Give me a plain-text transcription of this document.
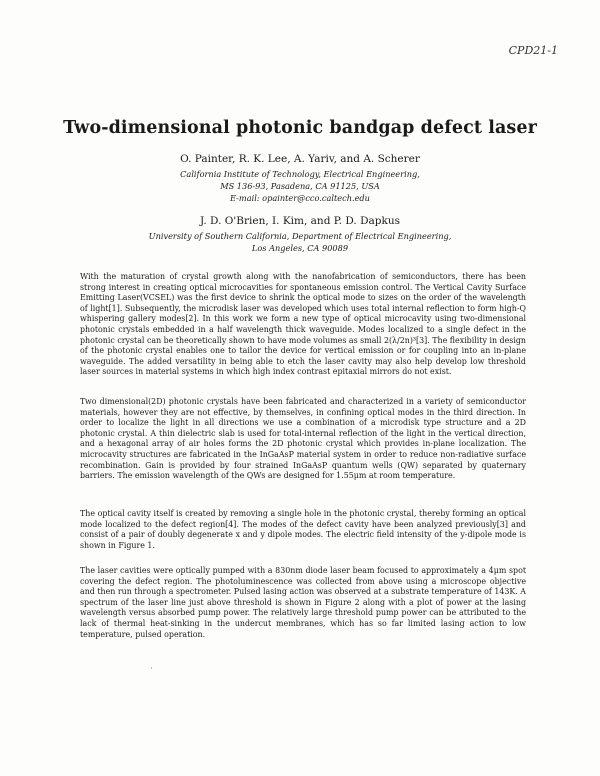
CPD21-1
Two-dimensional photonic bandgap defect laser
O. Painter, R. K. Lee, A. Yariv, and A. Scherer
California Institute of Technology, Electrical Engineering,
MS 136-93, Pasadena, CA 91125, USA
E-mail: opainter@cco.caltech.edu
J. D. O'Brien, I. Kim, and P. D. Dapkus
University of Southern California, Department of Electrical Engineering,
Los Angeles, CA 90089
With the maturation of crystal growth along with the nanofabrication of semiconductors, there has been strong interest in creating optical microcavities for spontaneous emission control. The Vertical Cavity Surface Emitting Laser(VCSEL) was the first device to shrink the optical mode to sizes on the order of the wavelength of light[1]. Subsequently, the microdisk laser was developed which uses total internal reflection to form high-Q whispering gallery modes[2]. In this work we form a new type of optical microcavity using two-dimensional photonic crystals embedded in a half wavelength thick waveguide. Modes localized to a single defect in the photonic crystal can be theoretically shown to have mode volumes as small 2(λ/2n)³[3]. The flexibility in design of the photonic crystal enables one to tailor the device for vertical emission or for coupling into an in-plane waveguide. The added versatility in being able to etch the laser cavity may also help develop low threshold laser sources in material systems in which high index contrast epitaxial mirrors do not exist.
Two dimensional(2D) photonic crystals have been fabricated and characterized in a variety of semiconductor materials, however they are not effective, by themselves, in confining optical modes in the third direction. In order to localize the light in all directions we use a combination of a microdisk type structure and a 2D photonic crystal. A thin dielectric slab is used for total-internal reflection of the light in the vertical direction, and a hexagonal array of air holes forms the 2D photonic crystal which provides in-plane localization. The microcavity structures are fabricated in the InGaAsP material system in order to reduce non-radiative surface recombination. Gain is provided by four strained InGaAsP quantum wells (QW) separated by quaternary barriers. The emission wavelength of the QWs are designed for 1.55μm at room temperature.
The optical cavity itself is created by removing a single hole in the photonic crystal, thereby forming an optical mode localized to the defect region[4]. The modes of the defect cavity have been analyzed previously[3] and consist of a pair of doubly degenerate x and y dipole modes. The electric field intensity of the y-dipole mode is shown in Figure 1.
The laser cavities were optically pumped with a 830nm diode laser beam focused to approximately a 4μm spot covering the defect region. The photoluminescence was collected from above using a microscope objective and then run through a spectrometer. Pulsed lasing action was observed at a substrate temperature of 143K. A spectrum of the laser line just above threshold is shown in Figure 2 along with a plot of power at the lasing wavelength versus absorbed pump power. The relatively large threshold pump power can be attributed to the lack of thermal heat-sinking in the undercut membranes, which has so far limited lasing action to low temperature, pulsed operation.
·
